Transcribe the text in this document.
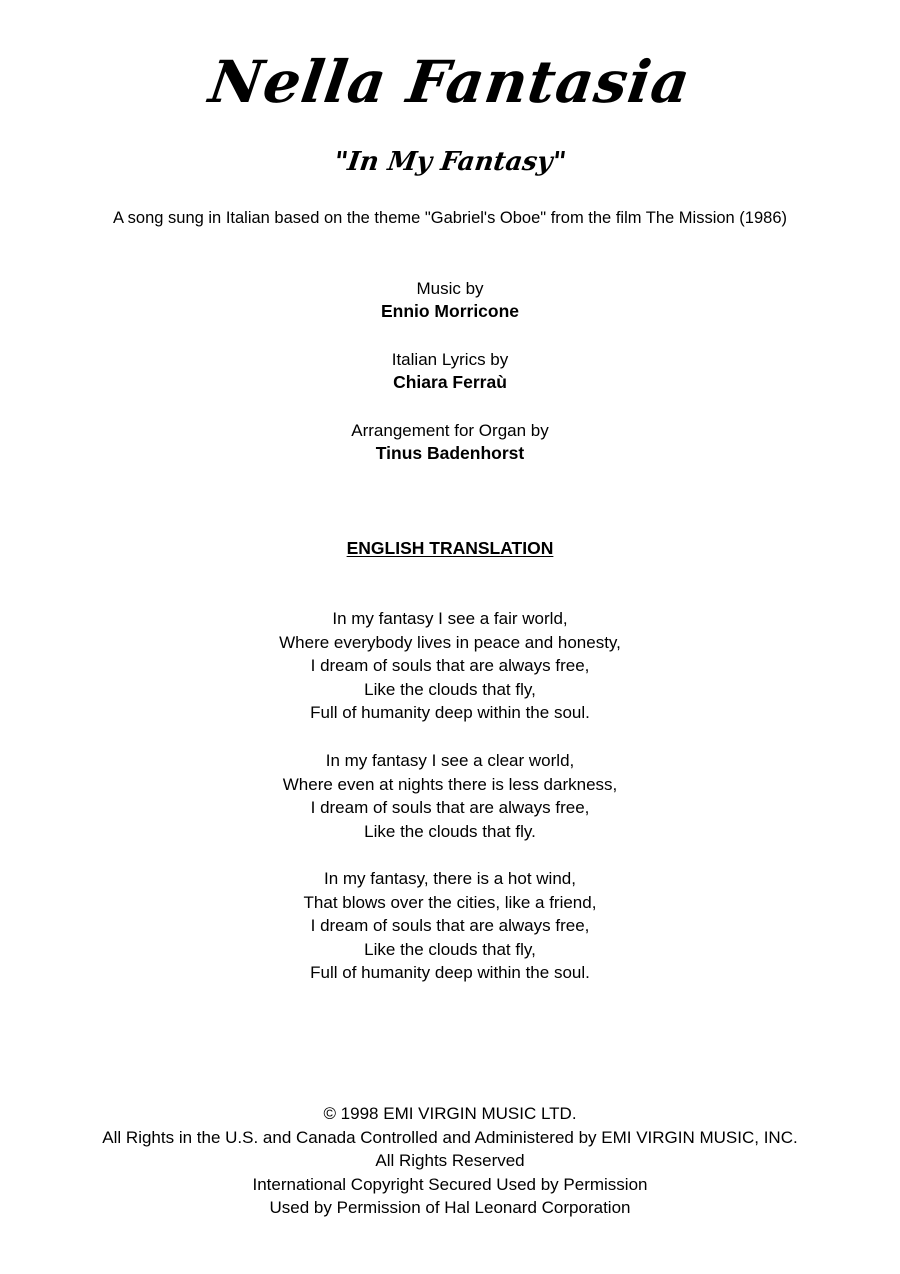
Nella Fantasia
"In My Fantasy"
A song sung in Italian based on the theme "Gabriel's Oboe" from the film The Mission (1986)
Music by
Ennio Morricone
Italian Lyrics by
Chiara Ferraù
Arrangement for Organ by
Tinus Badenhorst
ENGLISH TRANSLATION
In my fantasy I see a fair world,
Where everybody lives in peace and honesty,
I dream of souls that are always free,
Like the clouds that fly,
Full of humanity deep within the soul.
In my fantasy I see a clear world,
Where even at nights there is less darkness,
I dream of souls that are always free,
Like the clouds that fly.
In my fantasy, there is a hot wind,
That blows over the cities, like a friend,
I dream of souls that are always free,
Like the clouds that fly,
Full of humanity deep within the soul.
© 1998 EMI VIRGIN MUSIC LTD.
All Rights in the U.S. and Canada Controlled and Administered by EMI VIRGIN MUSIC, INC.
All Rights Reserved
International Copyright Secured Used by Permission
Used by Permission of Hal Leonard Corporation
